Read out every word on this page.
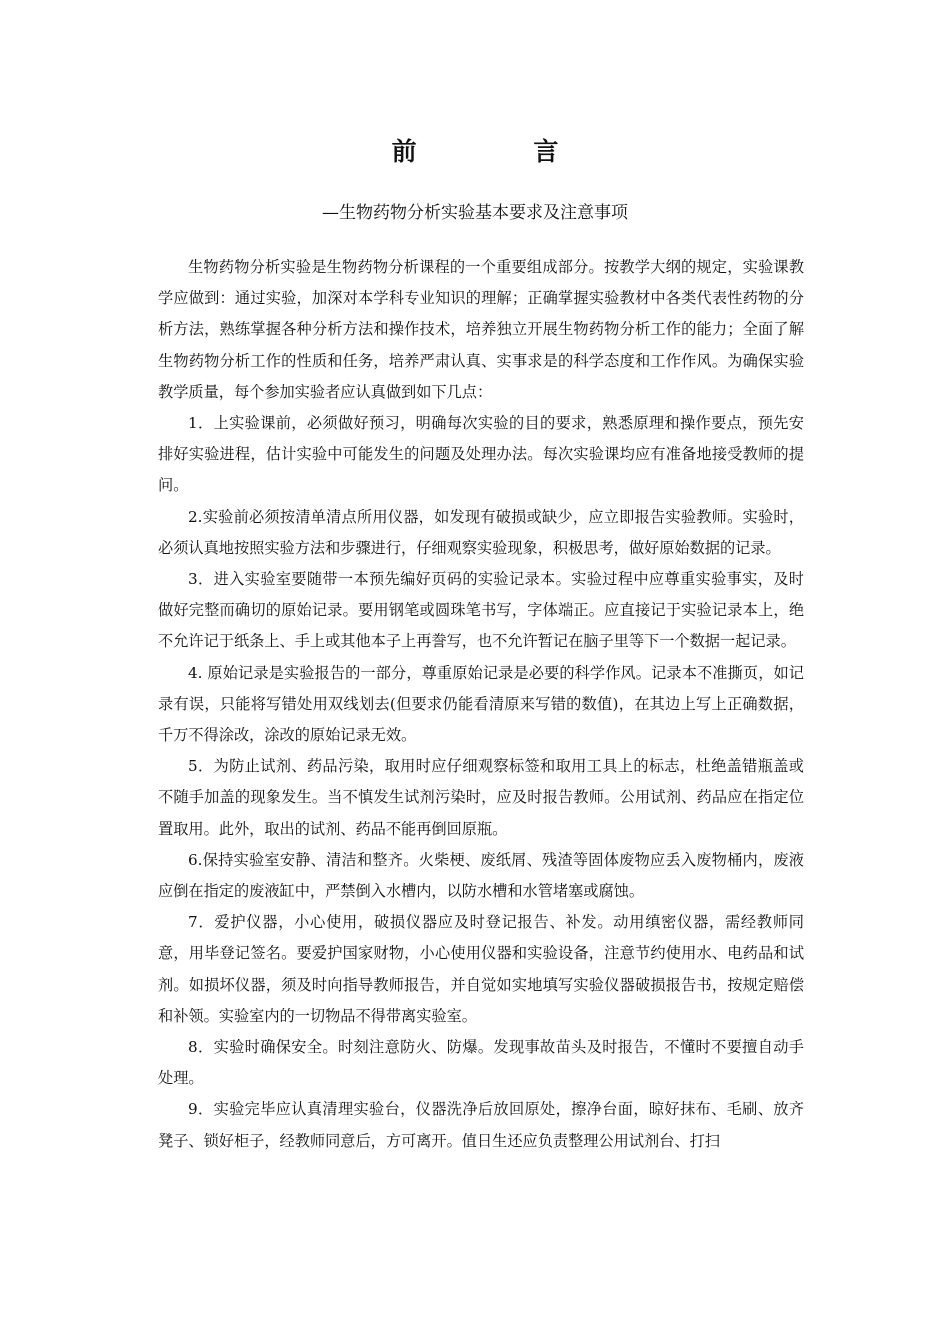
前 言
—生物药物分析实验基本要求及注意事项

生物药物分析实验是生物药物分析课程的一个重要组成部分。按教学大纲的规定，实验课教学应做到：通过实验，加深对本学科专业知识的理解；正确掌握实验教材中各类代表性药物的分析方法，熟练掌握各种分析方法和操作技术，培养独立开展生物药物分析工作的能力；全面了解生物药物分析工作的性质和任务，培养严肃认真、实事求是的科学态度和工作作风。为确保实验教学质量，每个参加实验者应认真做到如下几点：

1．上实验课前，必须做好预习，明确每次实验的目的要求，熟悉原理和操作要点，预先安排好实验进程，估计实验中可能发生的问题及处理办法。每次实验课均应有准备地接受教师的提问。

2.实验前必须按清单清点所用仪器，如发现有破损或缺少，应立即报告实验教师。实验时，必须认真地按照实验方法和步骤进行，仔细观察实验现象，积极思考，做好原始数据的记录。

3．进入实验室要随带一本预先编好页码的实验记录本。实验过程中应尊重实验事实，及时做好完整而确切的原始记录。要用钢笔或圆珠笔书写，字体端正。应直接记于实验记录本上，绝不允许记于纸条上、手上或其他本子上再誊写，也不允许暂记在脑子里等下一个数据一起记录。

4. 原始记录是实验报告的一部分，尊重原始记录是必要的科学作风。记录本不准撕页，如记录有误，只能将写错处用双线划去(但要求仍能看清原来写错的数值)，在其边上写上正确数据，千万不得涂改，涂改的原始记录无效。

5．为防止试剂、药品污染，取用时应仔细观察标签和取用工具上的标志，杜绝盖错瓶盖或不随手加盖的现象发生。当不慎发生试剂污染时，应及时报告教师。公用试剂、药品应在指定位置取用。此外，取出的试剂、药品不能再倒回原瓶。

6.保持实验室安静、清洁和整齐。火柴梗、废纸屑、残渣等固体废物应丢入废物桶内，废液应倒在指定的废液缸中，严禁倒入水槽内，以防水槽和水管堵塞或腐蚀。

7．爱护仪器，小心使用，破损仪器应及时登记报告、补发。动用缜密仪器，需经教师同意，用毕登记签名。要爱护国家财物，小心使用仪器和实验设备，注意节约使用水、电药品和试剂。如损坏仪器，须及时向指导教师报告，并自觉如实地填写实验仪器破损报告书，按规定赔偿和补领。实验室内的一切物品不得带离实验室。

8．实验时确保安全。时刻注意防火、防爆。发现事故苗头及时报告，不懂时不要擅自动手处理。

9．实验完毕应认真清理实验台，仪器洗净后放回原处，擦净台面，晾好抹布、毛刷、放齐凳子、锁好柜子，经教师同意后，方可离开。值日生还应负责整理公用试剂台、打扫
